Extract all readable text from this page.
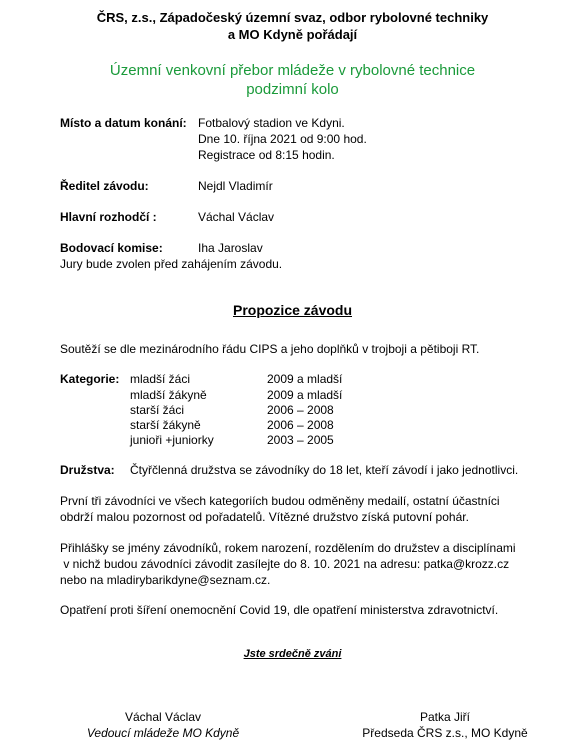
ČRS, z.s., Západočeský územní svaz, odbor rybolovné techniky
a MO Kdyně pořádají
Územní venkovní přebor mládeže v rybolovné technice
podzimní kolo
Místo a datum konání: Fotbalový stadion ve Kdyni.
Dne 10. října 2021 od 9:00 hod.
Registrace od 8:15 hodin.
Ředitel závodu:	Nejdl Vladimír
Hlavní rozhodčí :	Váchal Václav
Bodovací komise:	Iha Jaroslav
Jury bude zvolen před zahájením závodu.
Propozice závodu
Soutěží se dle mezinárodního řádu CIPS a jeho doplňků v trojboji a pětiboji RT.
Kategorie: mladší žáci	2009 a mladší
mladší žákyně	2009 a mladší
starší žáci	2006 – 2008
starší žákyně	2006 – 2008
junioři +juniorky	2003 – 2005
Družstva: Čtyřčlenná družstva se závodníky do 18 let, kteří závodí i jako jednotlivci.
První tři závodníci ve všech kategoriích budou odměněny medailí, ostatní účastníci
obdrží malou pozornost od pořadatelů. Vítězné družstvo získá putovní pohár.
Přihlášky se jmény závodníků, rokem narození, rozdělením do družstev a disciplínami
v nichž budou závodníci závodit zasílejte do 8. 10. 2021 na adresu: patka@krozz.cz
nebo na mladirybarikdyne@seznam.cz.
Opatření proti šíření onemocnění Covid 19, dle opatření ministerstva zdravotnictví.
Jste srdečně zváni
Váchal Václav
Vedoucí mládeže MO Kdyně
Patka Jiří
Předseda ČRS z.s., MO Kdyně
